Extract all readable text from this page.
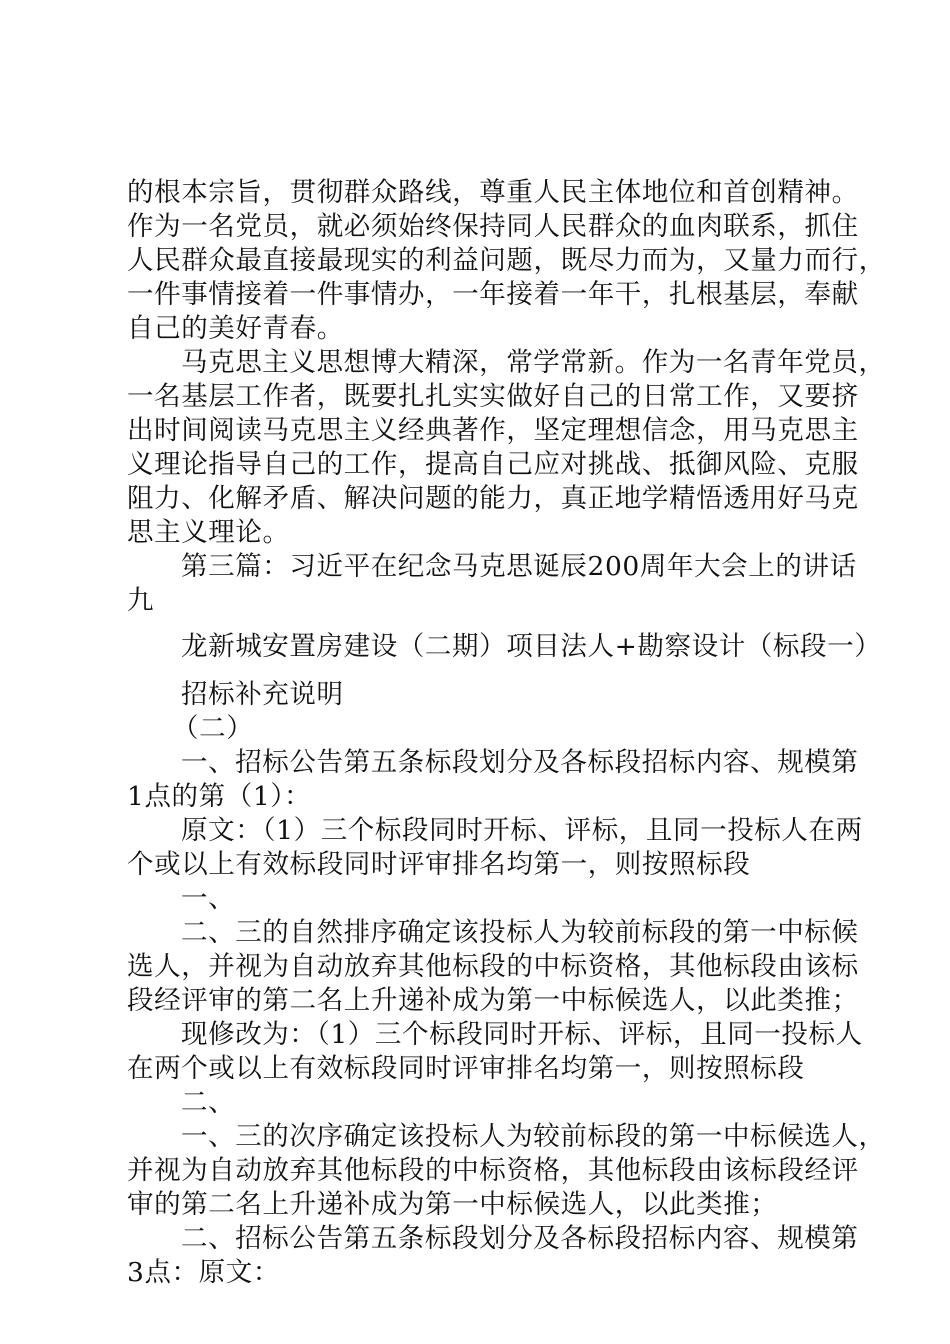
的根本宗旨，贯彻群众路线，尊重人民主体地位和首创精神。
作为一名党员，就必须始终保持同人民群众的血肉联系，抓住
人民群众最直接最现实的利益问题，既尽力而为，又量力而行，
一件事情接着一件事情办，一年接着一年干，扎根基层，奉献
自己的美好青春。
马克思主义思想博大精深，常学常新。作为一名青年党员，
一名基层工作者，既要扎扎实实做好自己的日常工作，又要挤
出时间阅读马克思主义经典著作，坚定理想信念，用马克思主
义理论指导自己的工作，提高自己应对挑战、抵御风险、克服
阻力、化解矛盾、解决问题的能力，真正地学精悟透用好马克
思主义理论。
第三篇：习近平在纪念马克思诞辰200周年大会上的讲话
九
龙新城安置房建设（二期）项目法人+勘察设计（标段一）
招标补充说明
（二）
一、招标公告第五条标段划分及各标段招标内容、规模第
1点的第（1）：
原文：（1）三个标段同时开标、评标，且同一投标人在两
个或以上有效标段同时评审排名均第一，则按照标段
一、
二、三的自然排序确定该投标人为较前标段的第一中标候
选人，并视为自动放弃其他标段的中标资格，其他标段由该标
段经评审的第二名上升递补成为第一中标候选人，以此类推；
现修改为：（1）三个标段同时开标、评标，且同一投标人
在两个或以上有效标段同时评审排名均第一，则按照标段
二、
一、三的次序确定该投标人为较前标段的第一中标候选人，
并视为自动放弃其他标段的中标资格，其他标段由该标段经评
审的第二名上升递补成为第一中标候选人，以此类推；
二、招标公告第五条标段划分及各标段招标内容、规模第
3点：原文：
